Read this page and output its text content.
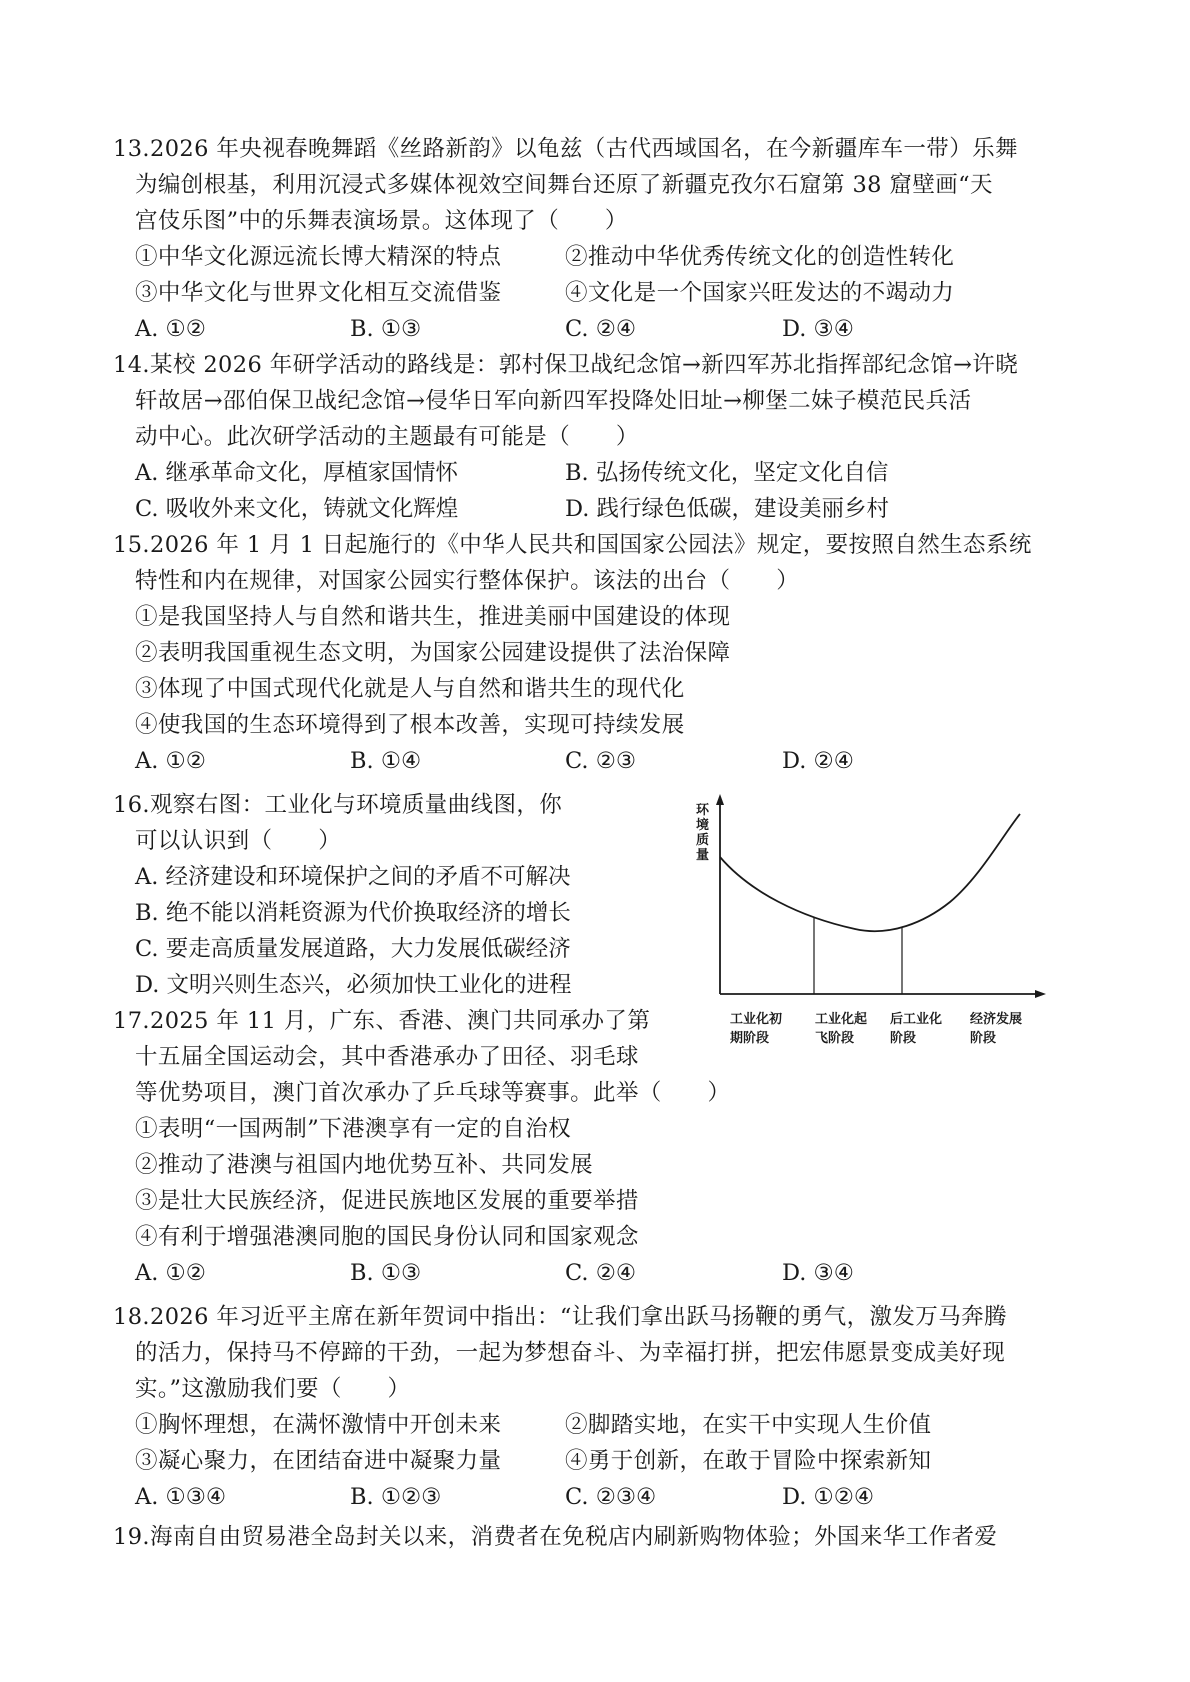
13.2026 年央视春晚舞蹈《丝路新韵》以龟兹（古代西域国名，在今新疆库车一带）乐舞
为编创根基，利用沉浸式多媒体视效空间舞台还原了新疆克孜尔石窟第 38 窟壁画“天
宫伎乐图”中的乐舞表演场景。这体现了（　　）
①中华文化源远流长博大精深的特点	②推动中华优秀传统文化的创造性转化
③中华文化与世界文化相互交流借鉴	④文化是一个国家兴旺发达的不竭动力
A. ①②	B. ①③	C. ②④	D. ③④
14.某校 2026 年研学活动的路线是：郭村保卫战纪念馆→新四军苏北指挥部纪念馆→许晓
轩故居→邵伯保卫战纪念馆→侵华日军向新四军投降处旧址→柳堡二妹子模范民兵活
动中心。此次研学活动的主题最有可能是（　　）
A. 继承革命文化，厚植家国情怀	B. 弘扬传统文化，坚定文化自信
C. 吸收外来文化，铸就文化辉煌	D. 践行绿色低碳，建设美丽乡村
15.2026 年 1 月 1 日起施行的《中华人民共和国国家公园法》规定，要按照自然生态系统
特性和内在规律，对国家公园实行整体保护。该法的出台（　　）
①是我国坚持人与自然和谐共生，推进美丽中国建设的体现
②表明我国重视生态文明，为国家公园建设提供了法治保障
③体现了中国式现代化就是人与自然和谐共生的现代化
④使我国的生态环境得到了根本改善，实现可持续发展
A. ①②	B. ①④	C. ②③	D. ②④
16.观察右图：工业化与环境质量曲线图，你
可以认识到（　　）
A. 经济建设和环境保护之间的矛盾不可解决
B. 绝不能以消耗资源为代价换取经济的增长
C. 要走高质量发展道路，大力发展低碳经济
D. 文明兴则生态兴，必须加快工业化的进程
环
境
质
量
工业化初
期阶段
工业化起
飞阶段
后工业化
阶段
经济发展
阶段
17.2025 年 11 月，广东、香港、澳门共同承办了第
十五届全国运动会，其中香港承办了田径、羽毛球
等优势项目，澳门首次承办了乒乓球等赛事。此举（　　）
①表明“一国两制”下港澳享有一定的自治权
②推动了港澳与祖国内地优势互补、共同发展
③是壮大民族经济，促进民族地区发展的重要举措
④有利于增强港澳同胞的国民身份认同和国家观念
A. ①②	B. ①③	C. ②④	D. ③④
18.2026 年习近平主席在新年贺词中指出：“让我们拿出跃马扬鞭的勇气，激发万马奔腾
的活力，保持马不停蹄的干劲，一起为梦想奋斗、为幸福打拼，把宏伟愿景变成美好现
实。”这激励我们要（　　）
①胸怀理想，在满怀激情中开创未来	②脚踏实地，在实干中实现人生价值
③凝心聚力，在团结奋进中凝聚力量	④勇于创新，在敢于冒险中探索新知
A. ①③④	B. ①②③	C. ②③④	D. ①②④
19.海南自由贸易港全岛封关以来，消费者在免税店内刷新购物体验；外国来华工作者爱
